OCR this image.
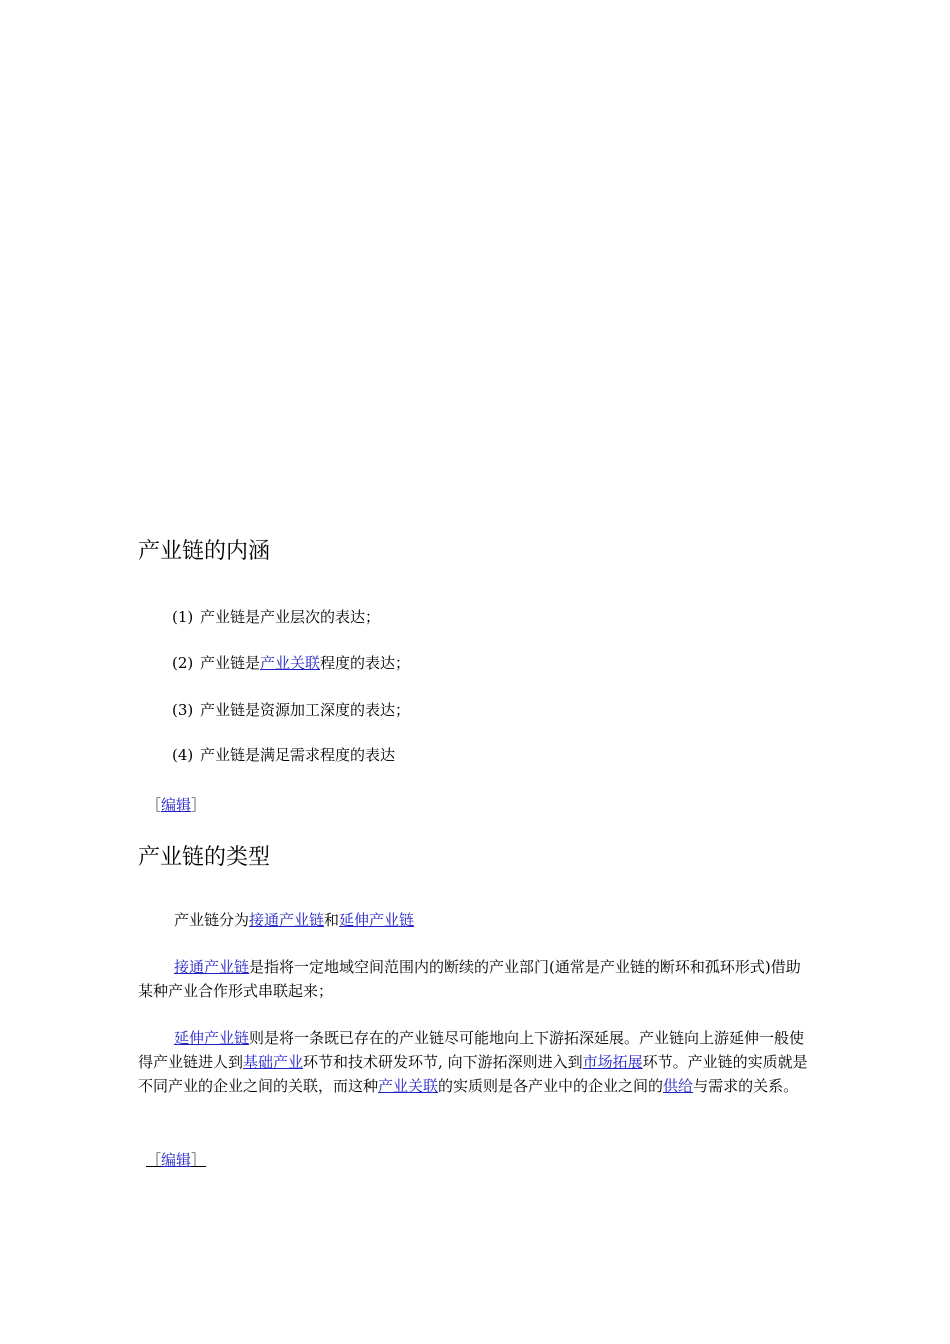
产业链的内涵
(1) 产业链是产业层次的表达；
(2) 产业链是产业关联程度的表达；
(3) 产业链是资源加工深度的表达；
(4) 产业链是满足需求程度的表达
［编辑］
产业链的类型
产业链分为接通产业链和延伸产业链
接通产业链是指将一定地域空间范围内的断续的产业部门(通常是产业链的断环和孤环形式)借助某种产业合作形式串联起来；
延伸产业链则是将一条既已存在的产业链尽可能地向上下游拓深延展。产业链向上游延伸一般使得产业链进人到基础产业环节和技术研发环节, 向下游拓深则进入到市场拓展环节。产业链的实质就是不同产业的企业之间的关联，而这种产业关联的实质则是各产业中的企业之间的供给与需求的关系。
［编辑］
